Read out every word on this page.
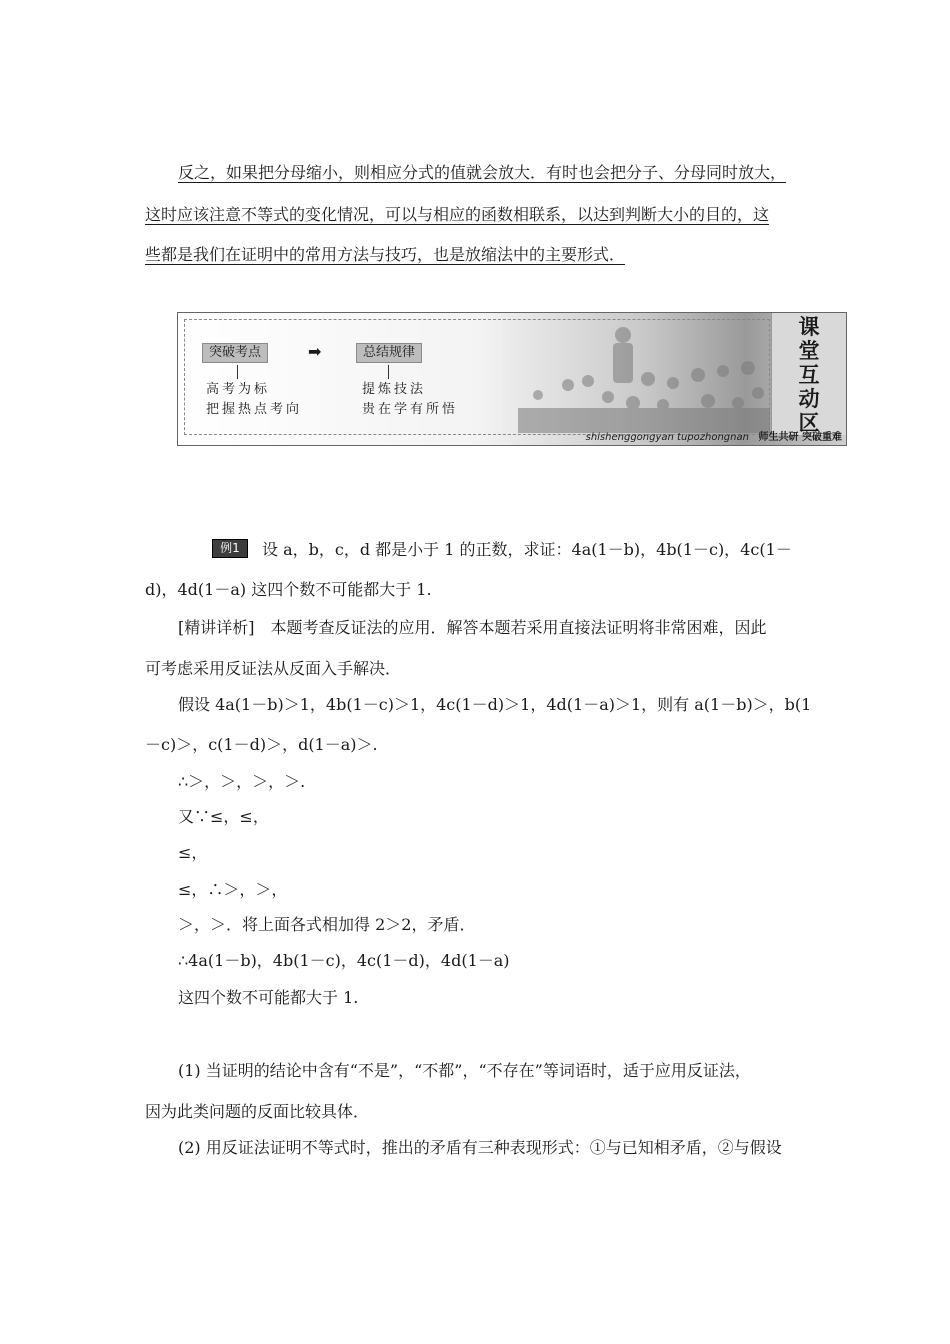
反之，如果把分母缩小，则相应分式的值就会放大．有时也会把分子、分母同时放大，
这时应该注意不等式的变化情况，可以与相应的函数相联系，以达到判断大小的目的，这
些都是我们在证明中的常用方法与技巧，也是放缩法中的主要形式．
突破考点	➡	总结规律
高考为标
把握热点考向
提炼技法
贵在学有所悟
课
堂
互
动
区
shishenggongyan tupozhongnan 师生共研 突破重难
例1	设 a，b，c，d 都是小于 1 的正数，求证：4a(1－b)，4b(1－c)，4c(1－
d)，4d(1－a) 这四个数不可能都大于 1.
[精讲详析]　本题考查反证法的应用．解答本题若采用直接法证明将非常困难，因此
可考虑采用反证法从反面入手解决．
假设 4a(1－b)＞1，4b(1－c)＞1，4c(1－d)＞1，4d(1－a)＞1，则有 a(1－b)＞，b(1
－c)＞，c(1－d)＞，d(1－a)＞.
∴＞，＞，＞，＞.
又∵≤，≤，
≤，
≤，∴＞，＞，
＞，＞．将上面各式相加得 2＞2，矛盾．
∴4a(1－b)，4b(1－c)，4c(1－d)，4d(1－a)
这四个数不可能都大于 1.
(1) 当证明的结论中含有“不是”，“不都”，“不存在”等词语时，适于应用反证法，
因为此类问题的反面比较具体．
(2) 用反证法证明不等式时，推出的矛盾有三种表现形式：①与已知相矛盾，②与假设
